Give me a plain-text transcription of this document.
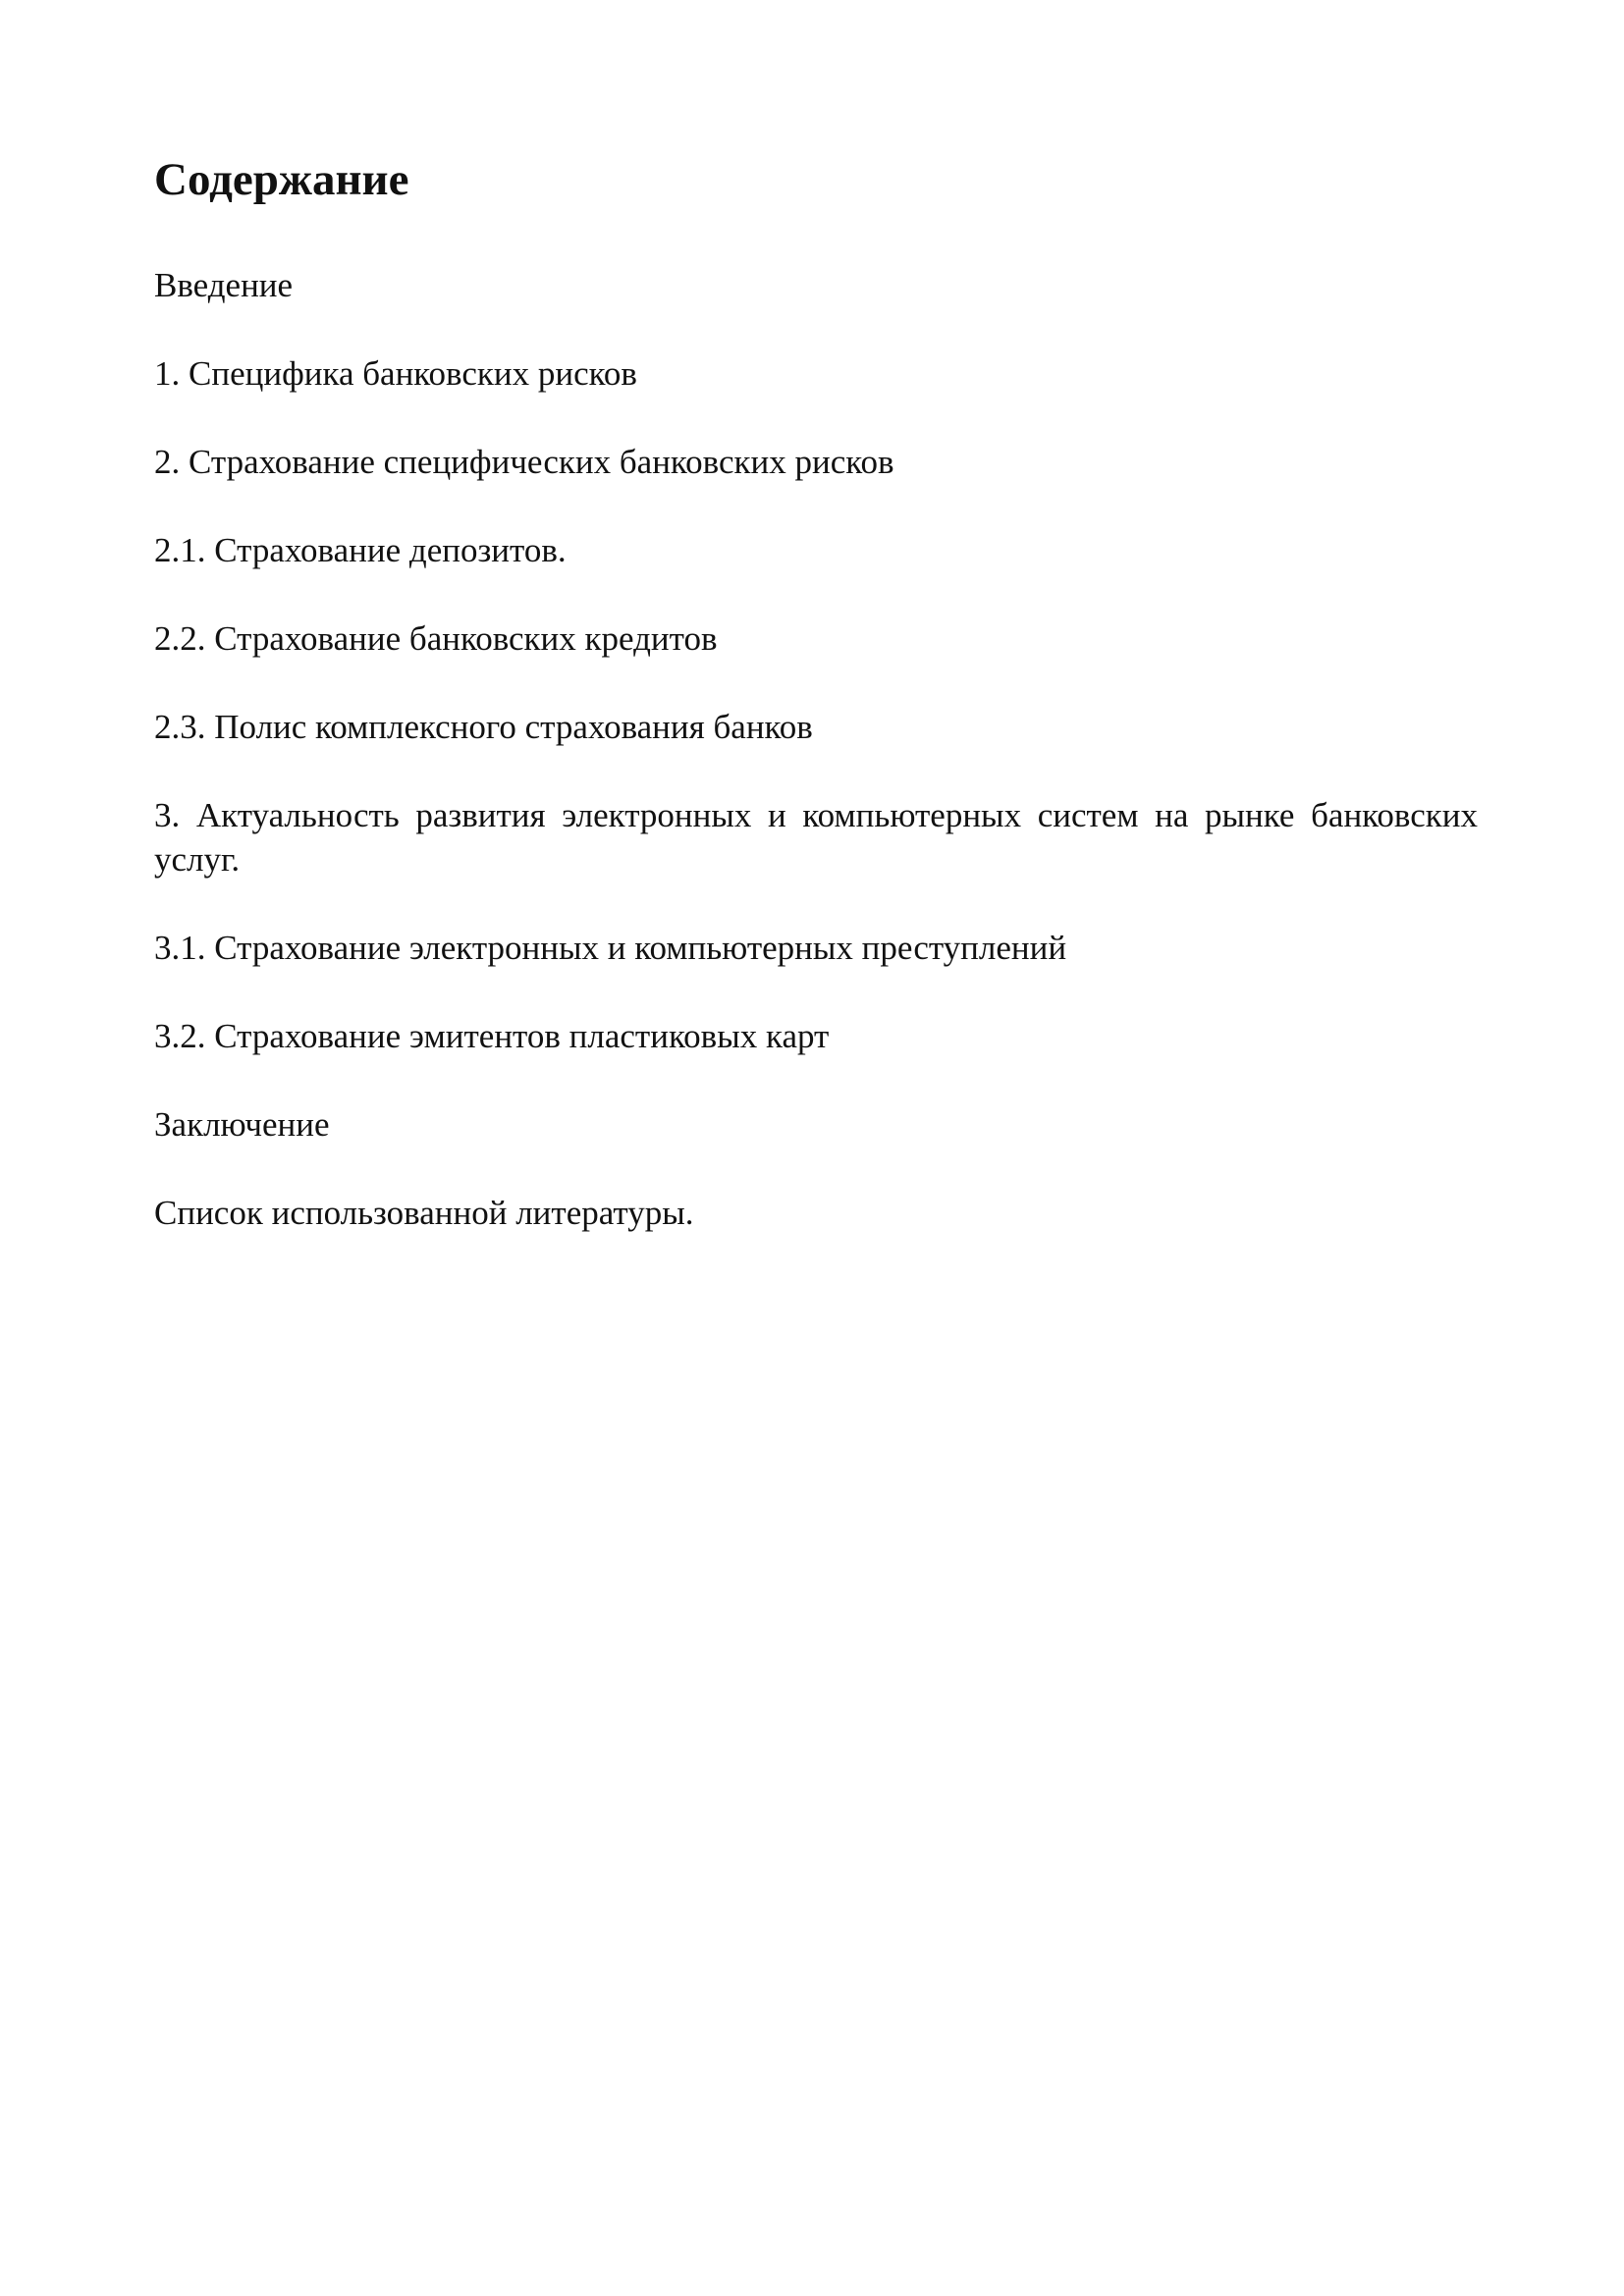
Содержание
Введение
1. Специфика банковских рисков
2. Страхование специфических банковских рисков
2.1. Страхование депозитов.
2.2. Страхование банковских кредитов
2.3. Полис комплексного страхования банков
3. Актуальность развития электронных и компьютерных систем на рынке банковских услуг.
3.1. Страхование электронных и компьютерных преступлений
3.2. Страхование эмитентов пластиковых карт
Заключение
Список использованной литературы.
